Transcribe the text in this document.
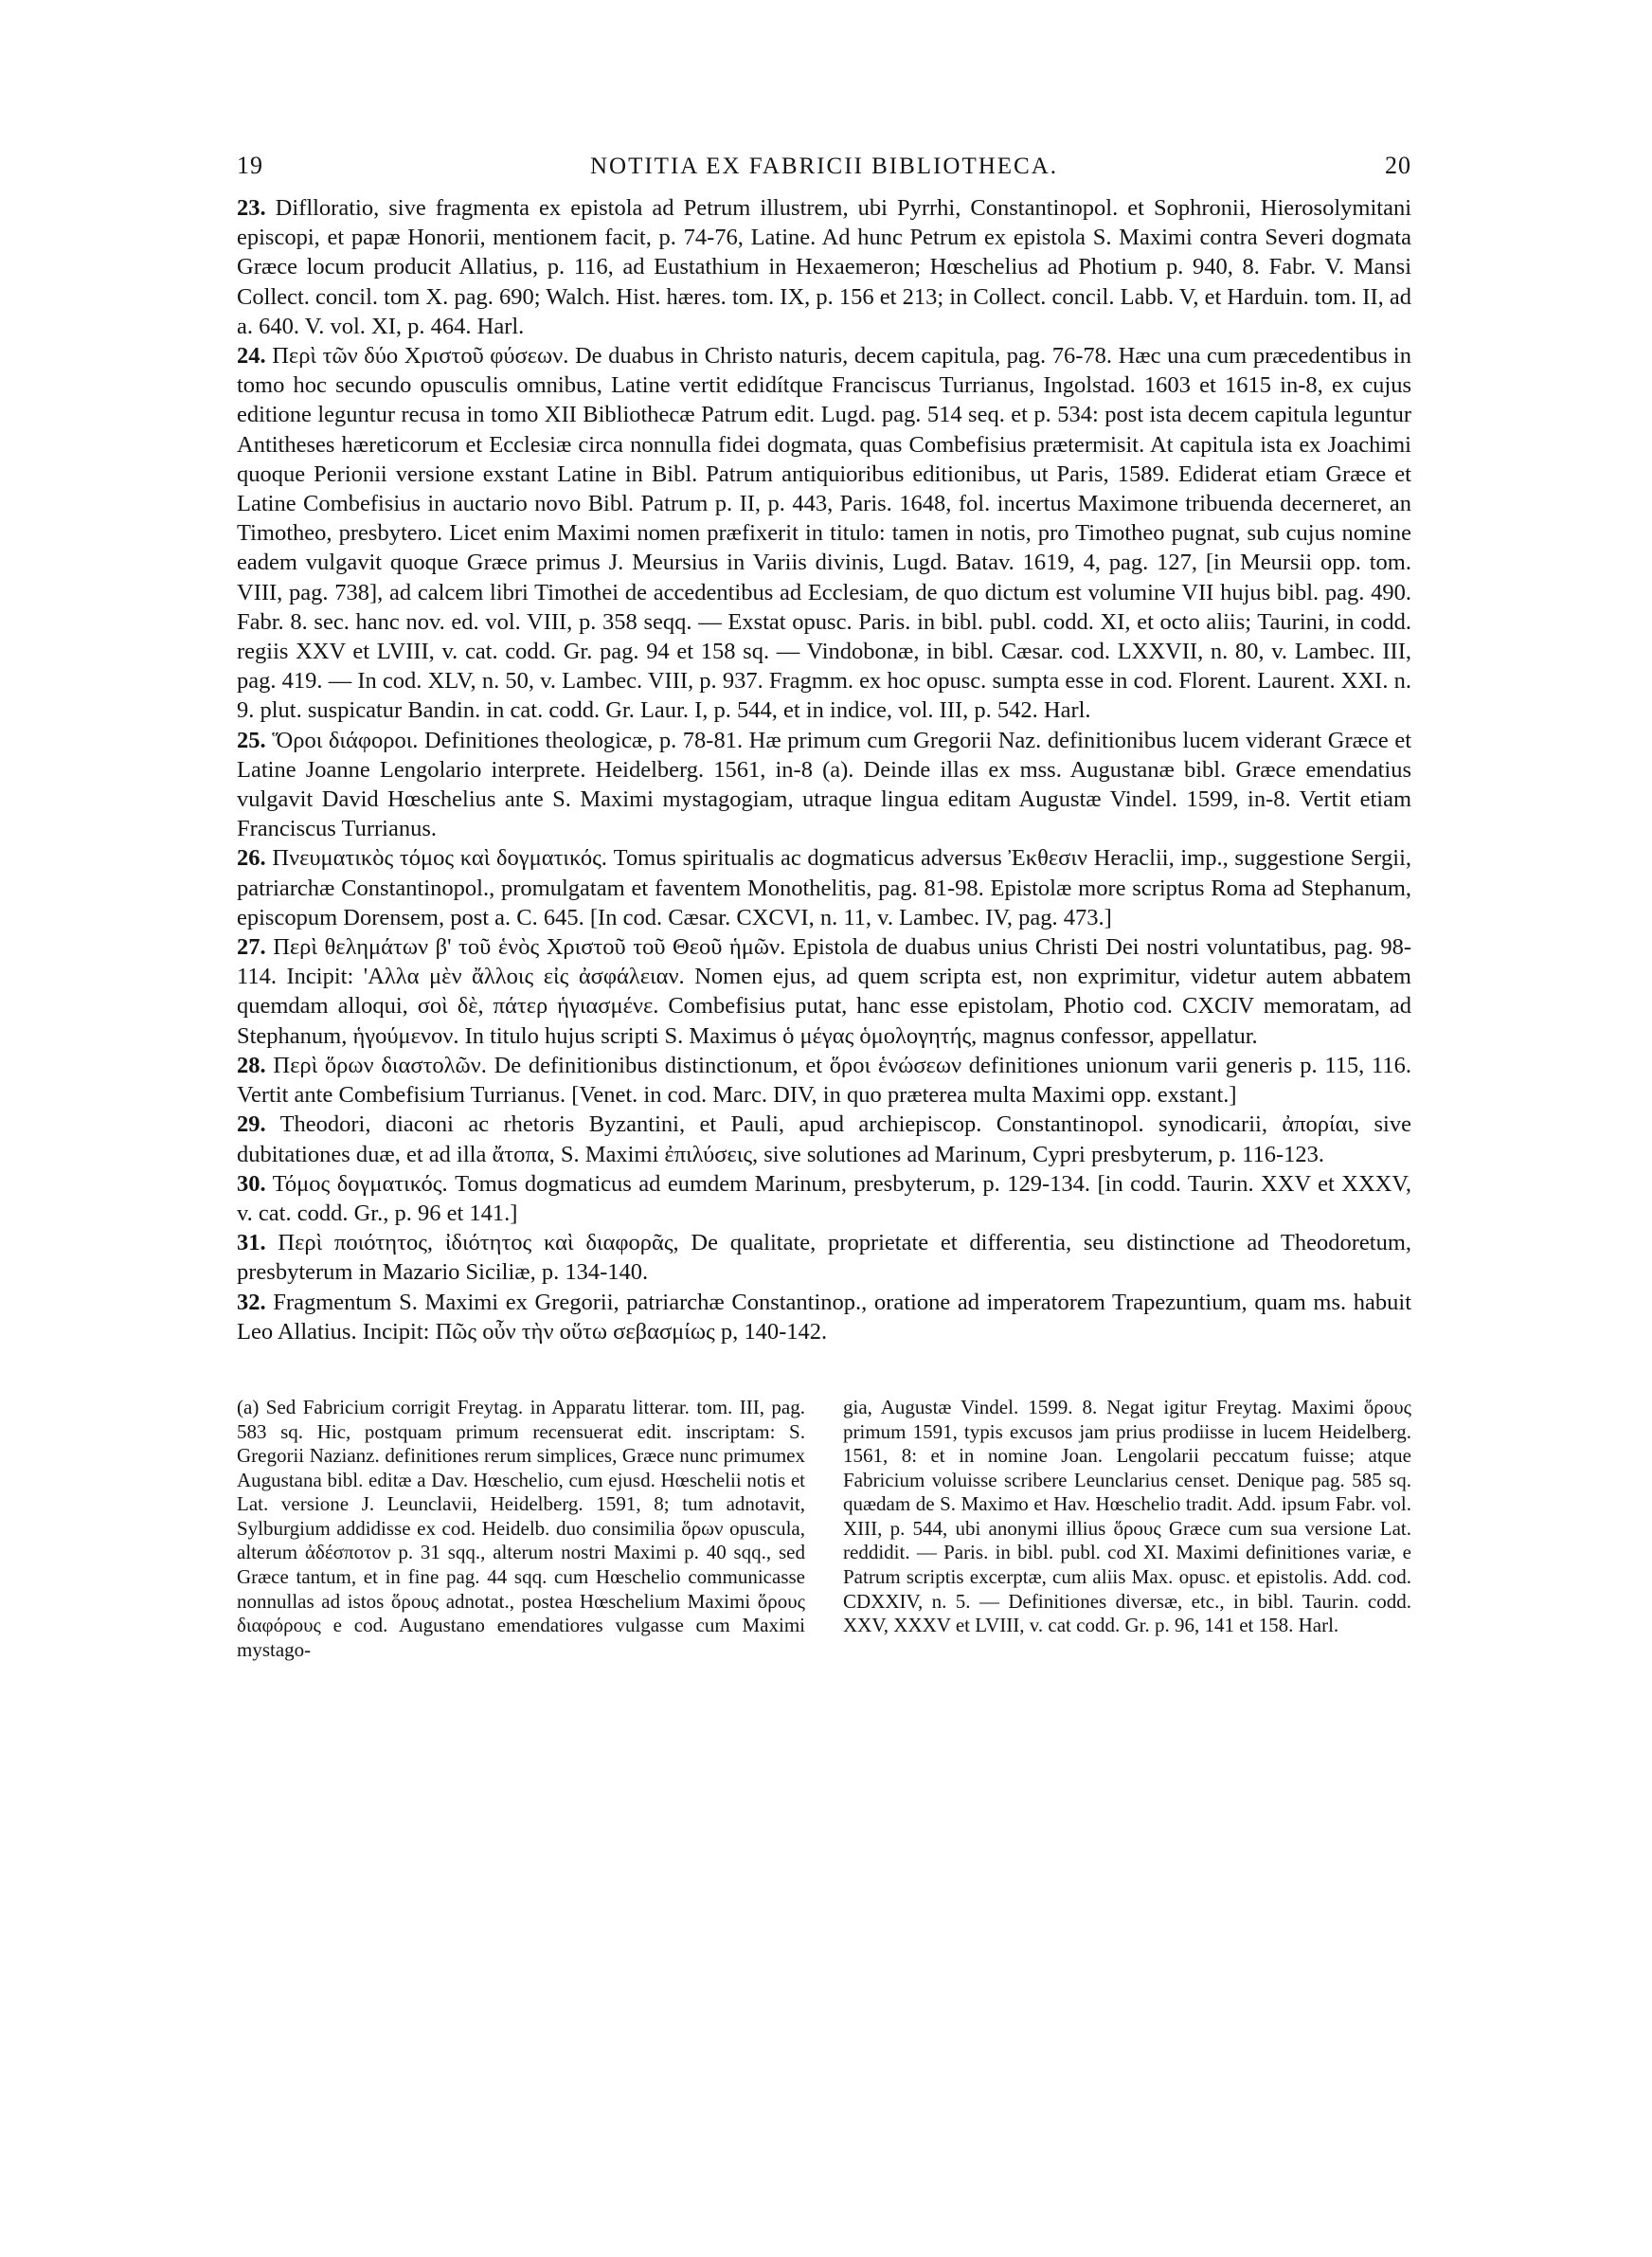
19	NOTITIA EX FABRICII BIBLIOTHECA.	20

23. Diflloratio, sive fragmenta ex epistola ad Petrum illustrem, ubi Pyrrhi, Constantinopol. et Sophronii, Hierosolymitani episcopi, et papæ Honorii, mentionem facit, p. 74-76, Latine. Ad hunc Petrum ex epistola S. Maximi contra Severi dogmata Græce locum producit Allatius, p. 116, ad Eustathium in Hexaemeron; Hœschelius ad Photium p. 940, 8. Fabr. V. Mansi Collect. concil. tom X. pag. 690; Walch. Hist. hæres. tom. IX, p. 156 et 213; in Collect. concil. Labb. V, et Harduin. tom. II, ad a. 640. V. vol. XI, p. 464. Harl.

24. Περὶ τῶν δύο Χριστοῦ φύσεων. De duabus in Christo naturis, decem capitula, pag. 76-78. Hæc una cum præcedentibus in tomo hoc secundo opusculis omnibus, Latine vertit edidítque Franciscus Turrianus, Ingolstad. 1603 et 1615 in-8, ex cujus editione leguntur recusa in tomo XII Bibliothecæ Patrum edit. Lugd. pag. 514 seq. et p. 534: post ista decem capitula leguntur Antitheses hæreticorum et Ecclesiæ circa nonnulla fidei dogmata, quas Combefisius prætermisit. At capitula ista ex Joachimi quoque Perionii versione exstant Latine in Bibl. Patrum antiquioribus editionibus, ut Paris, 1589. Ediderat etiam Græce et Latine Combefisius in auctario novo Bibl. Patrum p. II, p. 443, Paris. 1648, fol. incertus Maximone tribuenda decerneret, an Timotheo, presbytero. Licet enim Maximi nomen præfixerit in titulo: tamen in notis, pro Timotheo pugnat, sub cujus nomine eadem vulgavit quoque Græce primus J. Meursius in Variis divinis, Lugd. Batav. 1619, 4, pag. 127, [in Meursii opp. tom. VIII, pag. 738], ad calcem libri Timothei de accedentibus ad Ecclesiam, de quo dictum est volumine VII hujus bibl. pag. 490. Fabr. 8. sec. hanc nov. ed. vol. VIII, p. 358 seqq. — Exstat opusc. Paris. in bibl. publ. codd. XI, et octo aliis; Taurini, in codd. regiis XXV et LVIII, v. cat. codd. Gr. pag. 94 et 158 sq. — Vindobonæ, in bibl. Cæsar. cod. LXXVII, n. 80, v. Lambec. III, pag. 419. — In cod. XLV, n. 50, v. Lambec. VIII, p. 937. Fragmm. ex hoc opusc. sumpta esse in cod. Florent. Laurent. XXI. n. 9. plut. suspicatur Bandin. in cat. codd. Gr. Laur. I, p. 544, et in indice, vol. III, p. 542. Harl.

25. Ὅροι διάφοροι. Definitiones theologicæ, p. 78-81. Hæ primum cum Gregorii Naz. definitionibus lucem viderant Græce et Latine Joanne Lengolario interprete. Heidelberg. 1561, in-8 (a). Deinde illas ex mss. Augustanæ bibl. Græce emendatius vulgavit David Hœschelius ante S. Maximi mystagogiam, utraque lingua editam Augustæ Vindel. 1599, in-8. Vertit etiam Franciscus Turrianus.

26. Πνευματικὸς τόμος καὶ δογματικός. Tomus spiritualis ac dogmaticus adversus Ἐκθεσιν Heraclii, imp., suggestione Sergii, patriarchæ Constantinopol., promulgatam et faventem Monothelitis, pag. 81-98. Epistolæ more scriptus Roma ad Stephanum, episcopum Dorensem, post a. C. 645. [In cod. Cæsar. CXCVI, n. 11, v. Lambec. IV, pag. 473.]

27. Περὶ θελημάτων β' τοῦ ἑνὸς Χριστοῦ τοῦ Θεοῦ ἡμῶν. Epistola de duabus unius Christi Dei nostri voluntatibus, pag. 98-114. Incipit: 'Αλλα μὲν ἄλλοις εἰς ἀσφάλειαν. Nomen ejus, ad quem scripta est, non exprimitur, videtur autem abbatem quemdam alloqui, σοὶ δὲ, πάτερ ἡγιασμένε. Combefisius putat, hanc esse epistolam, Photio cod. CXCIV memoratam, ad Stephanum, ἡγούμενον. In titulo hujus scripti S. Maximus ὁ μέγας ὁμολογητής, magnus confessor, appellatur.

28. Περὶ ὅρων διαστολῶν. De definitionibus distinctionum, et ὅροι ἑνώσεων definitiones unionum varii generis p. 115, 116. Vertit ante Combefisium Turrianus. [Venet. in cod. Marc. DIV, in quo præterea multa Maximi opp. exstant.]

29. Theodori, diaconi ac rhetoris Byzantini, et Pauli, apud archiepiscop. Constantinopol. synodicarii, ἀπορίαι, sive dubitationes duæ, et ad illa ἄτοπα, S. Maximi ἐπιλύσεις, sive solutiones ad Marinum, Cypri presbyterum, p. 116-123.

30. Τόμος δογματικός. Tomus dogmaticus ad eumdem Marinum, presbyterum, p. 129-134. [in codd. Taurin. XXV et XXXV, v. cat. codd. Gr., p. 96 et 141.]

31. Περὶ ποιότητος, ἰδιότητος καὶ διαφορᾶς, De qualitate, proprietate et differentia, seu distinctione ad Theodoretum, presbyterum in Mazario Siciliæ, p. 134-140.

32. Fragmentum S. Maximi ex Gregorii, patriarchæ Constantinop., oratione ad imperatorem Trapezuntium, quam ms. habuit Leo Allatius. Incipit: Πῶς οὖν τὴν οὕτω σεβασμίως p, 140-142.

(a) Sed Fabricium corrigit Freytag. in Apparatu litterar. tom. III, pag. 583 sq. Hic, postquam primum recensuerat edit. inscriptam: S. Gregorii Nazianz. definitiones rerum simplices, Græce nunc primumex Augustana bibl. editæ a Dav. Hœschelio, cum ejusd. Hœschelii notis et Lat. versione J. Leunclavii, Heidelberg. 1591, 8; tum adnotavit, Sylburgium addidisse ex cod. Heidelb. duo consimilia ὅρων opuscula, alterum ἀδέσποτον p. 31 sqq., alterum nostri Maximi p. 40 sqq., sed Græce tantum, et in fine pag. 44 sqq. cum Hœschelio communicasse nonnullas ad istos ὅρους adnotat., postea Hœschelium Maximi ὅρους διαφόρους e cod. Augustano emendatiores vulgasse cum Maximi mystago-

gia, Augustæ Vindel. 1599. 8. Negat igitur Freytag. Maximi ὅρους primum 1591, typis excusos jam prius prodiisse in lucem Heidelberg. 1561, 8: et in nomine Joan. Lengolarii peccatum fuisse; atque Fabricium voluisse scribere Leunclarius censet. Denique pag. 585 sq. quædam de S. Maximo et Hav. Hœschelio tradit. Add. ipsum Fabr. vol. XIII, p. 544, ubi anonymi illius ὅρους Græce cum sua versione Lat. reddidit. — Paris. in bibl. publ. cod XI. Maximi definitiones variæ, e Patrum scriptis excerptæ, cum aliis Max. opusc. et epistolis. Add. cod. CDXXIV, n. 5. — Definitiones diversæ, etc., in bibl. Taurin. codd. XXV, XXXV et LVIII, v. cat codd. Gr. p. 96, 141 et 158. Harl.
